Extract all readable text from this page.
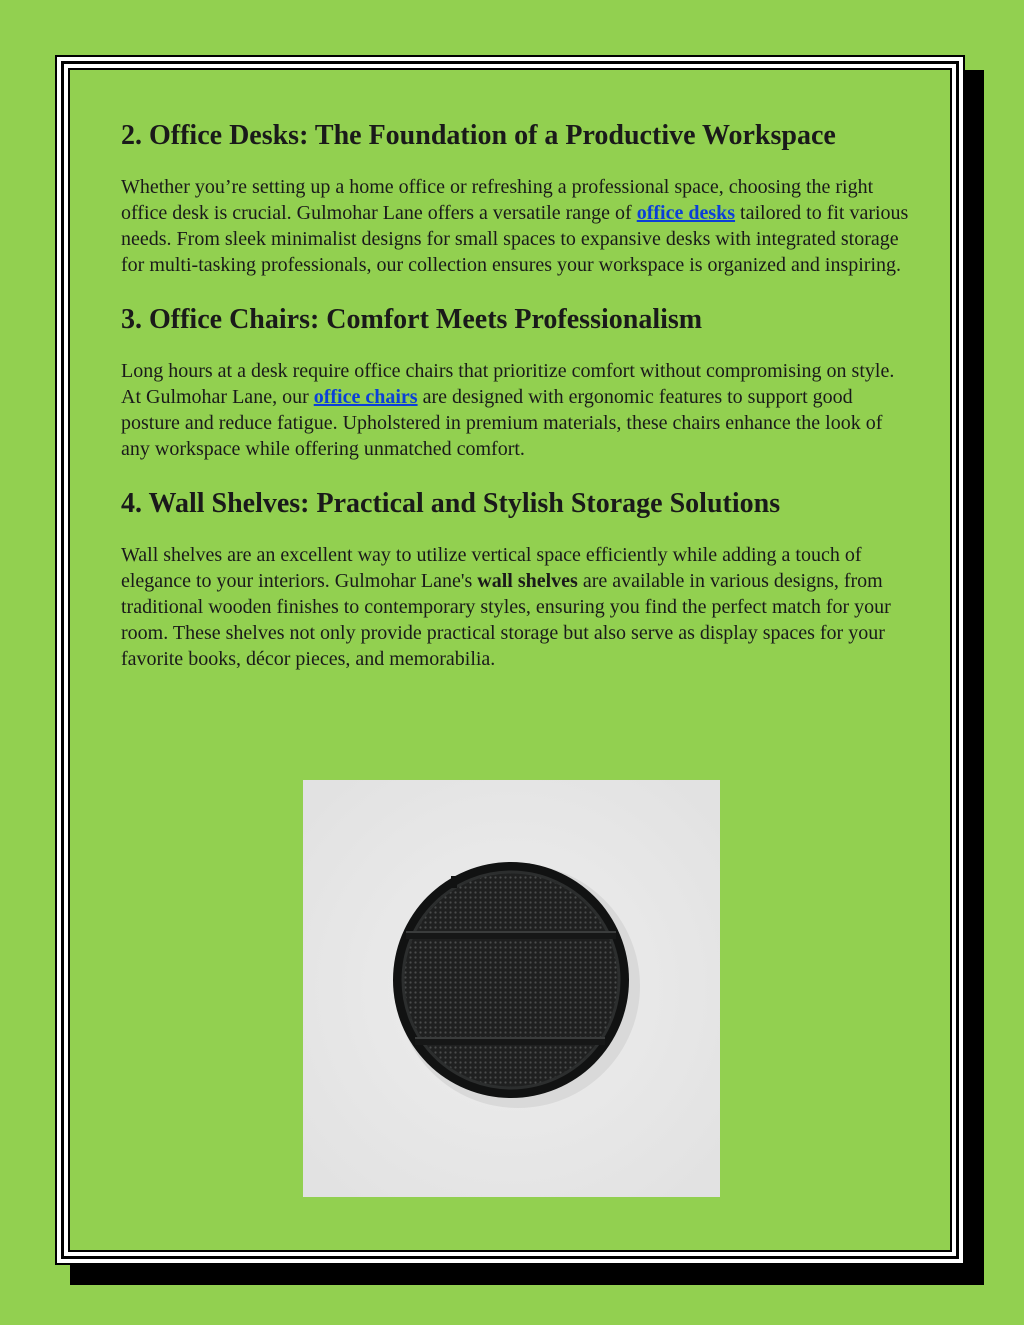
2. Office Desks: The Foundation of a Productive Workspace

Whether you’re setting up a home office or refreshing a professional space, choosing the right office desk is crucial. Gulmohar Lane offers a versatile range of office desks tailored to fit various needs. From sleek minimalist designs for small spaces to expansive desks with integrated storage for multi-tasking professionals, our collection ensures your workspace is organized and inspiring.

3. Office Chairs: Comfort Meets Professionalism

Long hours at a desk require office chairs that prioritize comfort without compromising on style. At Gulmohar Lane, our office chairs are designed with ergonomic features to support good posture and reduce fatigue. Upholstered in premium materials, these chairs enhance the look of any workspace while offering unmatched comfort.

4. Wall Shelves: Practical and Stylish Storage Solutions

Wall shelves are an excellent way to utilize vertical space efficiently while adding a touch of elegance to your interiors. Gulmohar Lane's wall shelves are available in various designs, from traditional wooden finishes to contemporary styles, ensuring you find the perfect match for your room. These shelves not only provide practical storage but also serve as display spaces for your favorite books, décor pieces, and memorabilia.
